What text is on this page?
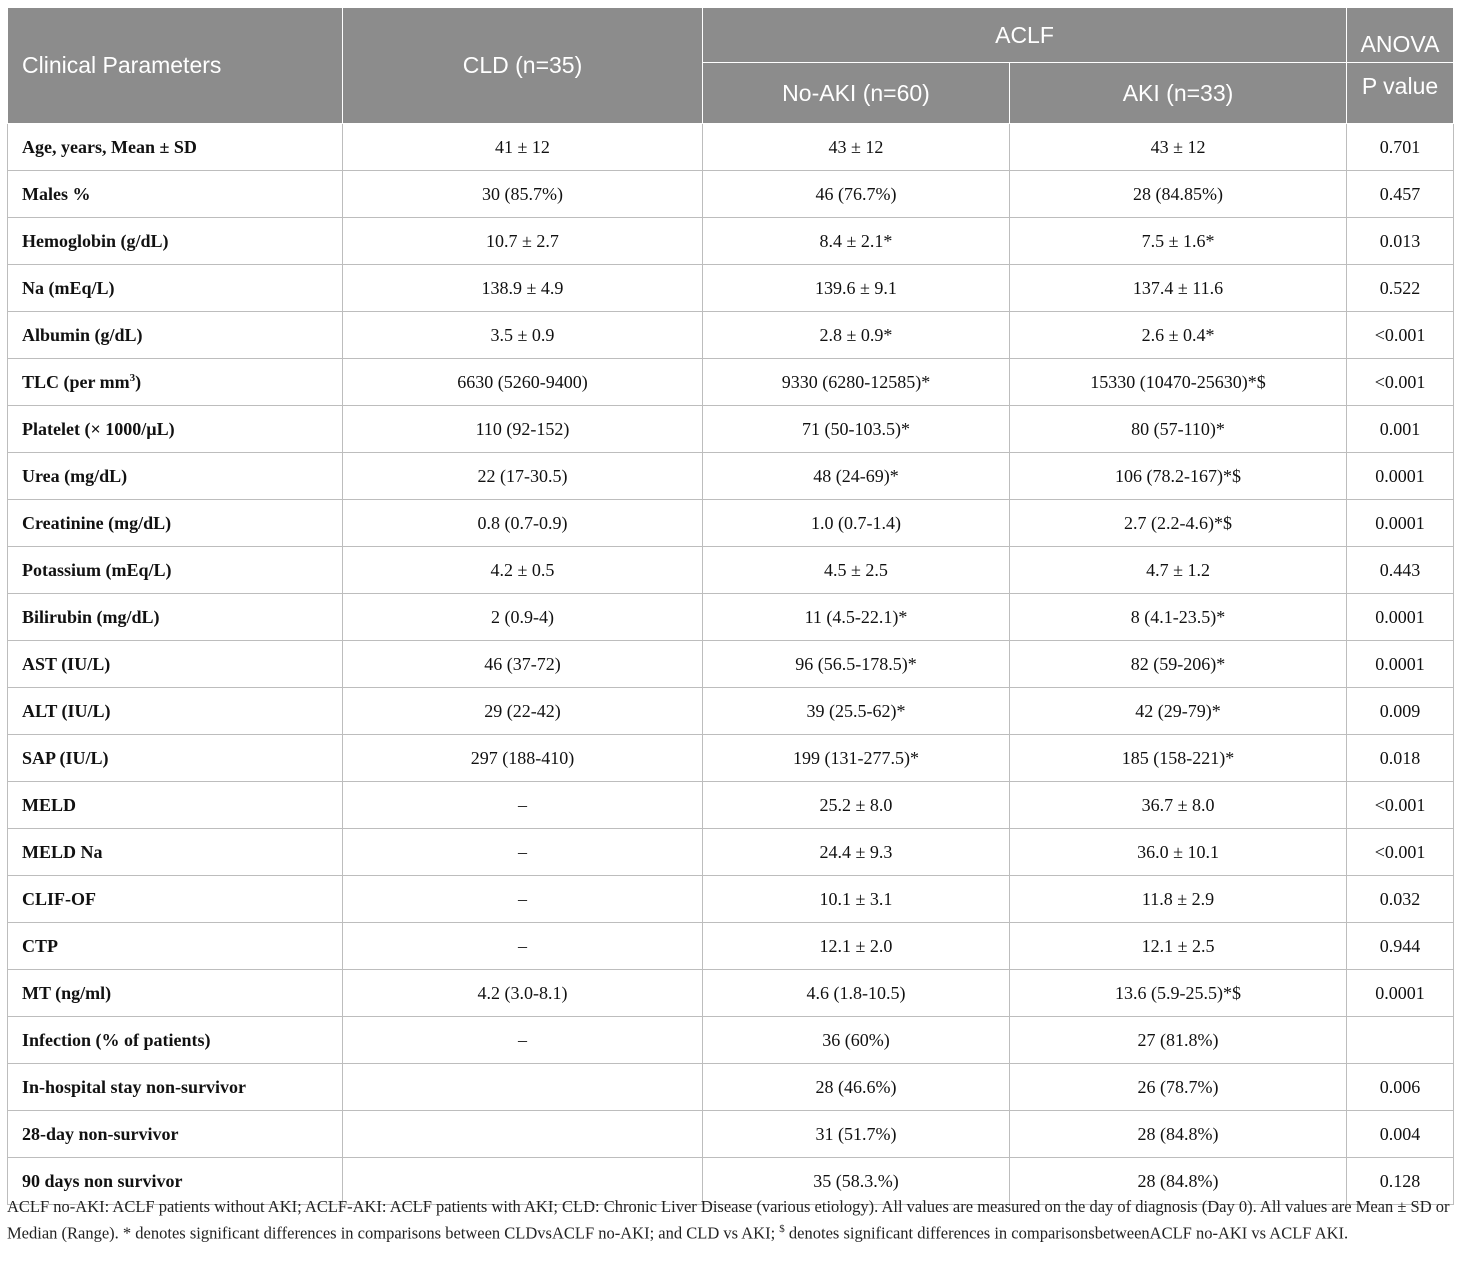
Clinical Parameters	CLD (n=35)	ACLF		ANOVA
		No-AKI (n=60)	AKI (n=33)	P value
Age, years, Mean ± SD	41 ± 12	43 ± 12	43 ± 12	0.701
Males %	30 (85.7%)	46 (76.7%)	28 (84.85%)	0.457
Hemoglobin (g/dL)	10.7 ± 2.7	8.4 ± 2.1*	7.5 ± 1.6*	0.013
Na (mEq/L)	138.9 ± 4.9	139.6 ± 9.1	137.4 ± 11.6	0.522
Albumin (g/dL)	3.5 ± 0.9	2.8 ± 0.9*	2.6 ± 0.4*	<0.001
TLC (per $mm^3$)	6630 (5260-9400)	9330 (6280-12585)*	15330 (10470-25630)*$	<0.001
Platelet (× 1000/µL)	110 (92-152)	71 (50-103.5)*	80 (57-110)*	0.001
Urea (mg/dL)	22 (17-30.5)	48 (24-69)*	106 (78.2-167)*$	0.0001
Creatinine (mg/dL)	0.8 (0.7-0.9)	1.0 (0.7-1.4)	2.7 (2.2-4.6)*$	0.0001
Potassium (mEq/L)	4.2 ± 0.5	4.5 ± 2.5	4.7 ± 1.2	0.443
Bilirubin (mg/dL)	2 (0.9-4)	11 (4.5-22.1)*	8 (4.1-23.5)*	0.0001
AST (IU/L)	46 (37-72)	96 (56.5-178.5)*	82 (59-206)*	0.0001
ALT (IU/L)	29 (22-42)	39 (25.5-62)*	42 (29-79)*	0.009
SAP (IU/L)	297 (188-410)	199 (131-277.5)*	185 (158-221)*	0.018
MELD	–	25.2 ± 8.0	36.7 ± 8.0	<0.001
MELD Na	–	24.4 ± 9.3	36.0 ± 10.1	<0.001
CLIF-OF	–	10.1 ± 3.1	11.8 ± 2.9	0.032
CTP	–	12.1 ± 2.0	12.1 ± 2.5	0.944
MT (ng/ml)	4.2 (3.0-8.1)	4.6 (1.8-10.5)	13.6 (5.9-25.5)*$	0.0001
Infection (% of patients)	–	36 (60%)	27 (81.8%)	
In-hospital stay non-survivor		28 (46.6%)	26 (78.7%)	0.006
28-day non-survivor		31 (51.7%)	28 (84.8%)	0.004
90 days non survivor		35 (58.3.%)	28 (84.8%)	0.128
ACLF no-AKI: ACLF patients without AKI; ACLF-AKI: ACLF patients with AKI; CLD: Chronic Liver Disease (various etiology). All values are measured on the day of diagnosis (Day 0). All values are Mean ± SD or Median (Range). * denotes significant differences in comparisons between CLDvsACLF no-AKI; and CLD vs AKI; $ denotes significant differences in comparisonsbetweenACLF no-AKI vs ACLF AKI.
